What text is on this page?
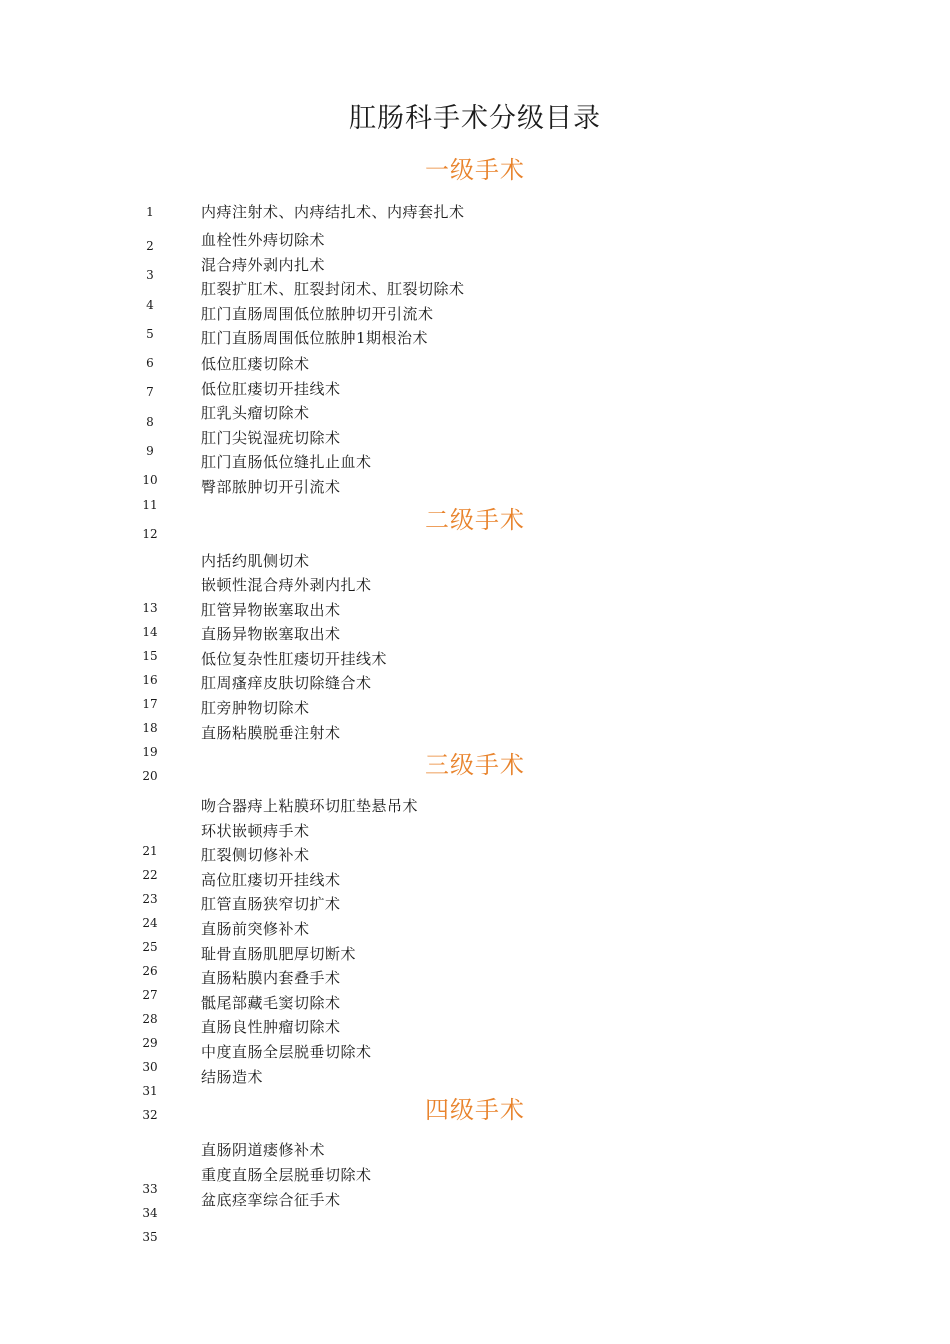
肛肠科手术分级目录
一级手术
内痔注射术、内痔结扎术、内痔套扎术
血栓性外痔切除术
混合痔外剥内扎术
肛裂扩肛术、肛裂封闭术、肛裂切除术
肛门直肠周围低位脓肿切开引流术
肛门直肠周围低位脓肿1期根治术
低位肛瘘切除术
低位肛瘘切开挂线术
肛乳头瘤切除术
肛门尖锐湿疣切除术
肛门直肠低位缝扎止血术
臀部脓肿切开引流术
二级手术
内括约肌侧切术
嵌顿性混合痔外剥内扎术
肛管异物嵌塞取出术
直肠异物嵌塞取出术
低位复杂性肛瘘切开挂线术
肛周瘙痒皮肤切除缝合术
肛旁肿物切除术
直肠粘膜脱垂注射术
三级手术
吻合器痔上粘膜环切肛垫悬吊术
环状嵌顿痔手术
肛裂侧切修补术
高位肛瘘切开挂线术
肛管直肠狭窄切扩术
直肠前突修补术
耻骨直肠肌肥厚切断术
直肠粘膜内套叠手术
骶尾部藏毛窦切除术
直肠良性肿瘤切除术
中度直肠全层脱垂切除术
结肠造术
四级手术
直肠阴道瘘修补术
重度直肠全层脱垂切除术
盆底痉挛综合征手术
1
2
3
4
5
6
7
8
9
10
11
12
13
14
15
16
17
18
19
20
21
22
23
24
25
26
27
28
29
30
31
32
33
34
35
